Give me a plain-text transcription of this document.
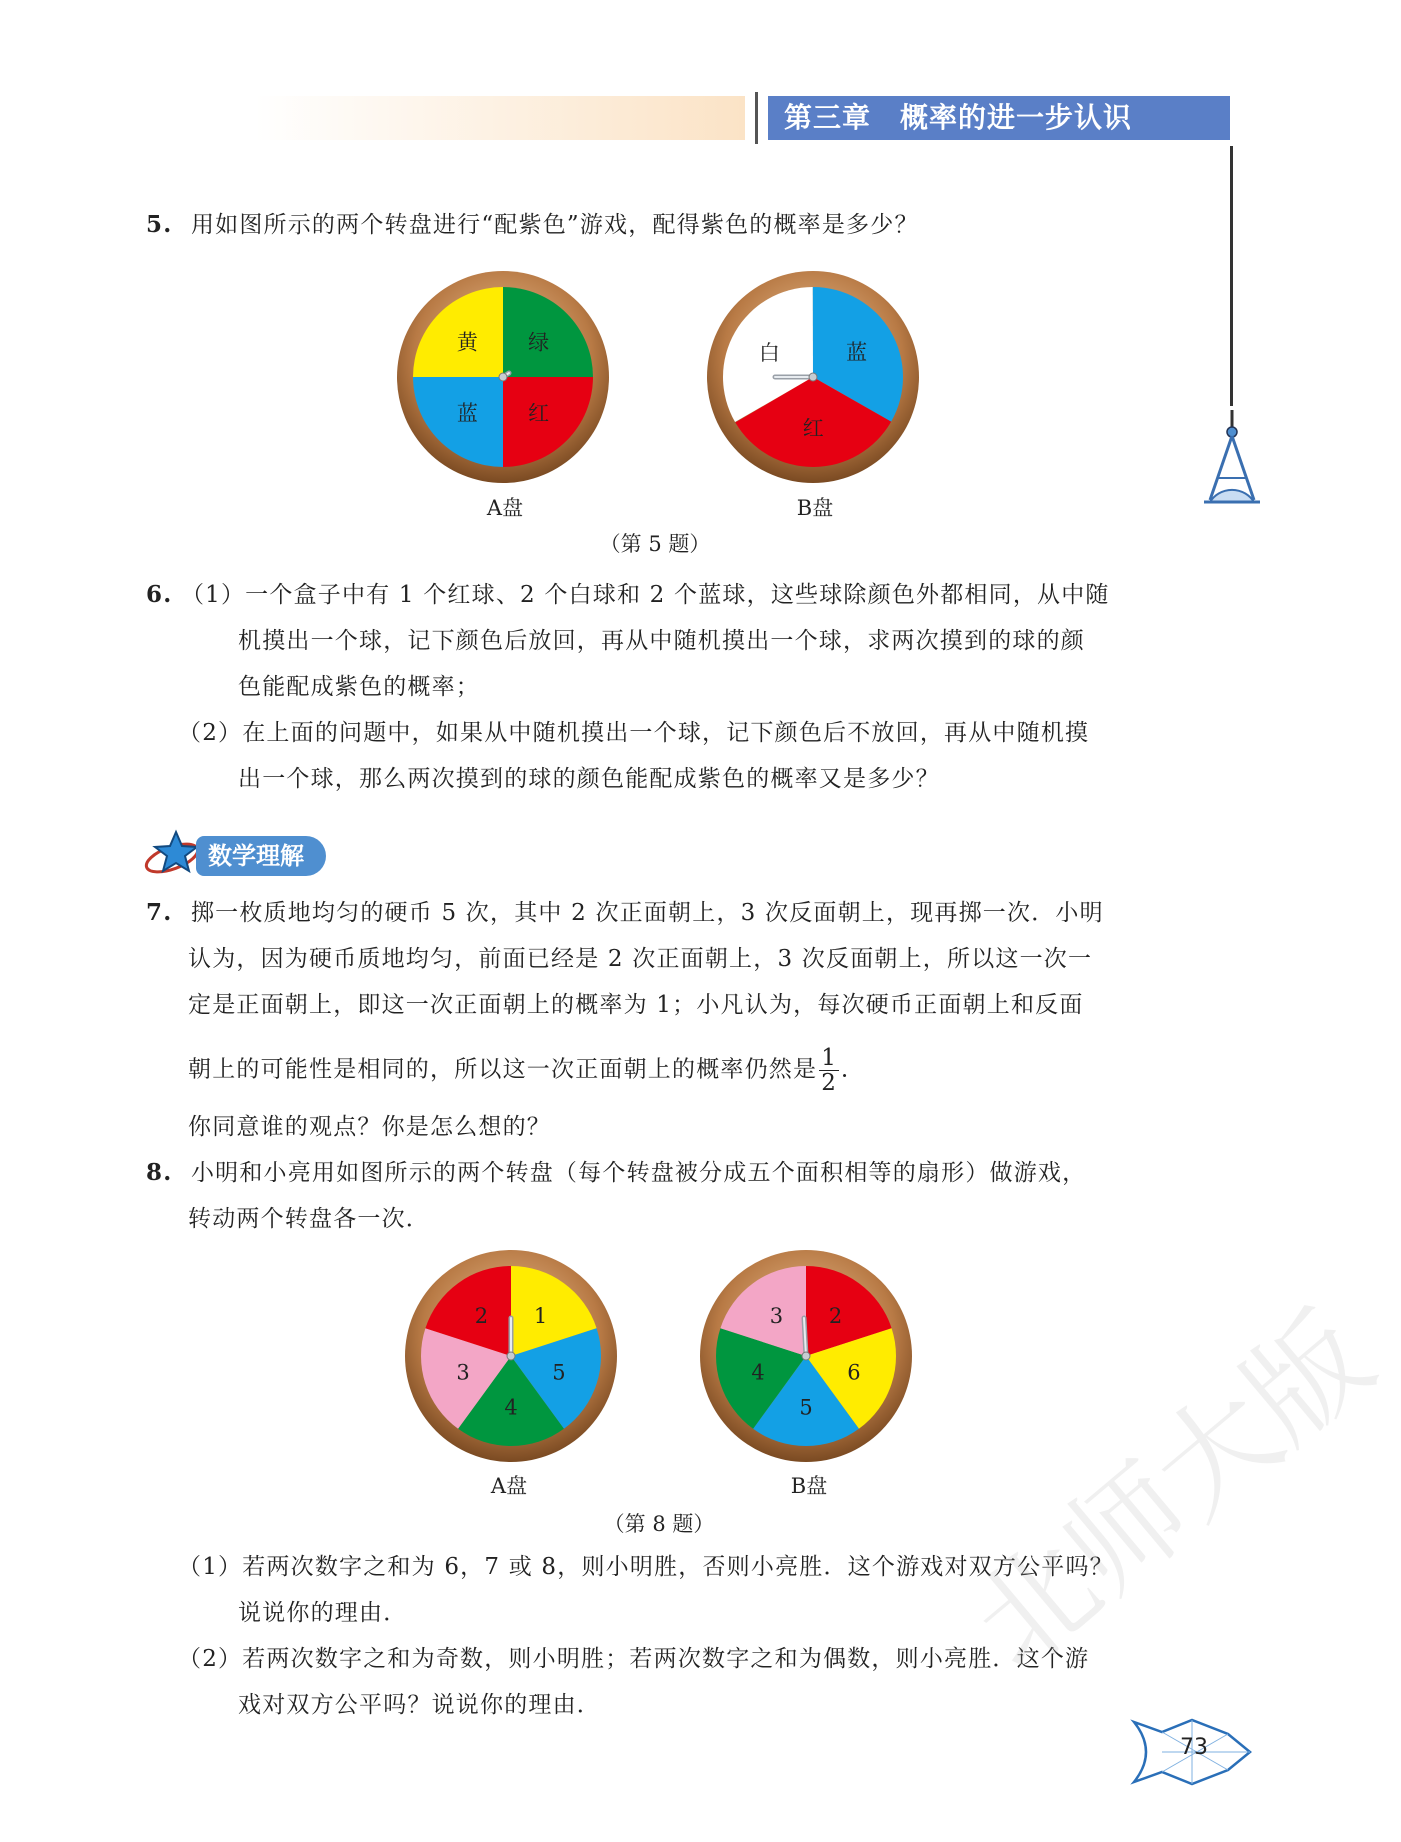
第三章　概率的进一步认识
5. 用如图所示的两个转盘进行“配紫色”游戏，配得紫色的概率是多少？
黄 绿
红
蓝
白	蓝
红
A盘	B盘
（第 5 题）
6. （1）一个盒子中有 1 个红球、2 个白球和 2 个蓝球，这些球除颜色外都相同，从中随
机摸出一个球，记下颜色后放回，再从中随机摸出一个球，求两次摸到的球的颜
色能配成紫色的概率；
（2）在上面的问题中，如果从中随机摸出一个球，记下颜色后不放回，再从中随机摸
出一个球，那么两次摸到的球的颜色能配成紫色的概率又是多少？
数学理解
7. 掷一枚质地均匀的硬币 5 次，其中 2 次正面朝上，3 次反面朝上，现再掷一次．小明
认为，因为硬币质地均匀，前面已经是 2 次正面朝上，3 次反面朝上，所以这一次一
定是正面朝上，即这一次正面朝上的概率为 1；小凡认为，每次硬币正面朝上和反面
朝上的可能性是相同的，所以这一次正面朝上的概率仍然是 $\frac{1}{2}$ ．
你同意谁的观点？你是怎么想的？
8. 小明和小亮用如图所示的两个转盘（每个转盘被分成五个面积相等的扇形）做游戏，
转动两个转盘各一次．
1
5
4
3
2	2
6
5
4
3
A盘	B盘
（第 8 题）
（1）若两次数字之和为 6，7 或 8，则小明胜，否则小亮胜．这个游戏对双方公平吗？
说说你的理由．
（2）若两次数字之和为奇数，则小明胜；若两次数字之和为偶数，则小亮胜．这个游
戏对双方公平吗？说说你的理由．
73
北师大版
